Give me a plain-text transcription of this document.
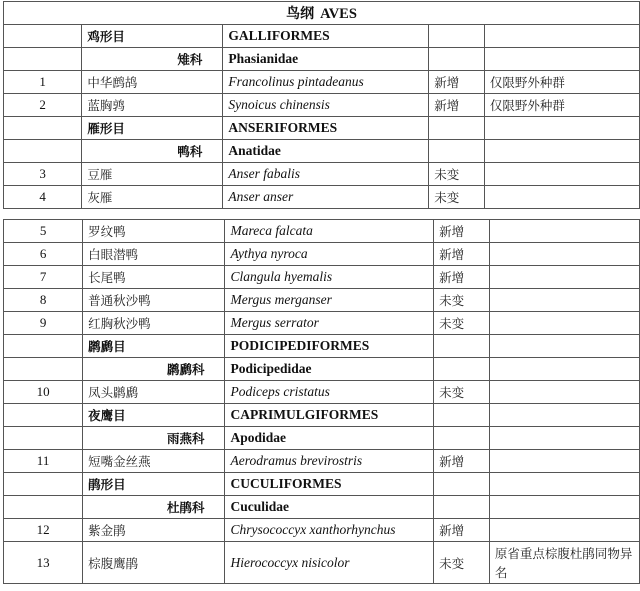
鸟纲 AVES				
	鸡形目	GALLIFORMES		
	雉科	Phasianidae		
1	中华鹧鸪	Francolinus pintadeanus	新增	仅限野外种群
2	蓝胸鹑	Synoicus chinensis	新增	仅限野外种群
	雁形目	ANSERIFORMES		
	鸭科	Anatidae		
3	豆雁	Anser fabalis	未变	
4	灰雁	Anser anser	未变	
5	罗纹鸭	Mareca falcata	新增	
6	白眼潜鸭	Aythya nyroca	新增	
7	长尾鸭	Clangula hyemalis	新增	
8	普通秋沙鸭	Mergus merganser	未变	
9	红胸秋沙鸭	Mergus serrator	未变	
	䴙䴘目	PODICIPEDIFORMES		
	䴙䴘科	Podicipedidae		
10	凤头䴙䴘	Podiceps cristatus	未变	
	夜鹰目	CAPRIMULGIFORMES		
	雨燕科	Apodidae		
11	短嘴金丝燕	Aerodramus brevirostris	新增	
	鹃形目	CUCULIFORMES		
	杜鹃科	Cuculidae		
12	紫金鹃	Chrysococcyx xanthorhynchus	新增	
13	棕腹鹰鹃	Hierococcyx nisicolor	未变	原省重点棕腹杜鹃同物异名
